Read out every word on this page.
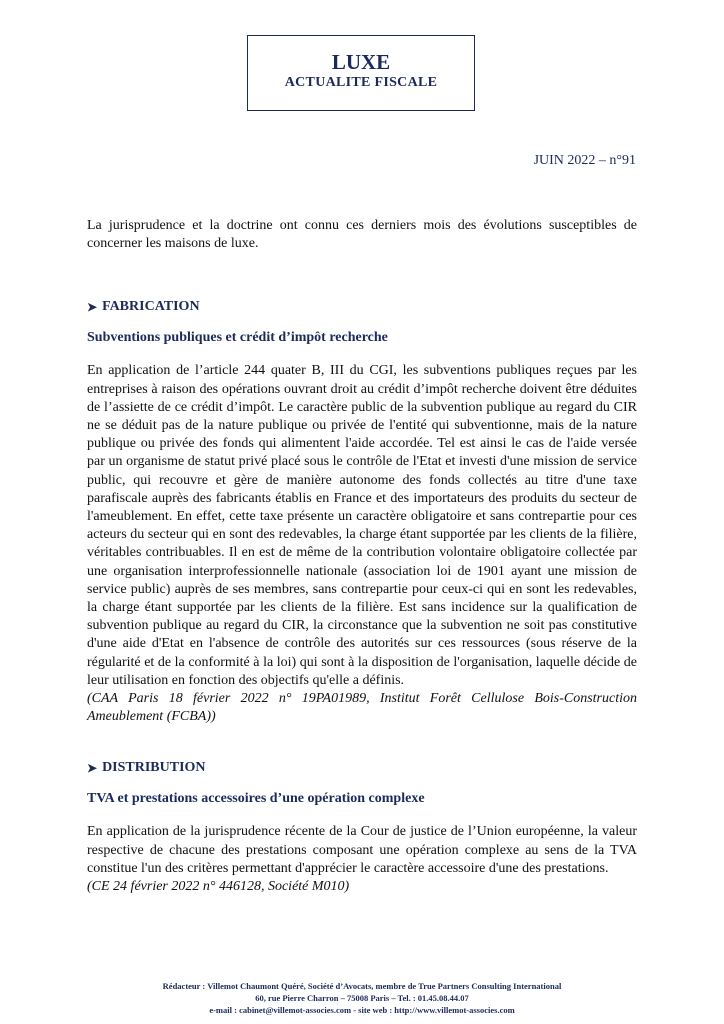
LUXE
ACTUALITE FISCALE
JUIN 2022 – n°91

La jurisprudence et la doctrine ont connu ces derniers mois des évolutions susceptibles de concerner les maisons de luxe.

➤ FABRICATION
Subventions publiques et crédit d’impôt recherche

En application de l’article 244 quater B, III du CGI, les subventions publiques reçues par les entreprises à raison des opérations ouvrant droit au crédit d’impôt recherche doivent être déduites de l’assiette de ce crédit d’impôt. Le caractère public de la subvention publique au regard du CIR ne se déduit pas de la nature publique ou privée de l'entité qui subventionne, mais de la nature publique ou privée des fonds qui alimentent l'aide accordée. Tel est ainsi le cas de l'aide versée par un organisme de statut privé placé sous le contrôle de l'Etat et investi d'une mission de service public, qui recouvre et gère de manière autonome des fonds collectés au titre d'une taxe parafiscale auprès des fabricants établis en France et des importateurs des produits du secteur de l'ameublement. En effet, cette taxe présente un caractère obligatoire et sans contrepartie pour ces acteurs du secteur qui en sont des redevables, la charge étant supportée par les clients de la filière, véritables contribuables. Il en est de même de la contribution volontaire obligatoire collectée par une organisation interprofessionnelle nationale (association loi de 1901 ayant une mission de service public) auprès de ses membres, sans contrepartie pour ceux-ci qui en sont les redevables, la charge étant supportée par les clients de la filière. Est sans incidence sur la qualification de subvention publique au regard du CIR, la circonstance que la subvention ne soit pas constitutive d'une aide d'Etat en l'absence de contrôle des autorités sur ces ressources (sous réserve de la régularité et de la conformité à la loi) qui sont à la disposition de l'organisation, laquelle décide de leur utilisation en fonction des objectifs qu'elle a définis.

(CAA Paris 18 février 2022 n° 19PA01989, Institut Forêt Cellulose Bois-Construction Ameublement (FCBA))

➤ DISTRIBUTION
TVA et prestations accessoires d’une opération complexe

En application de la jurisprudence récente de la Cour de justice de l’Union européenne, la valeur respective de chacune des prestations composant une opération complexe au sens de la TVA constitue l'un des critères permettant d'apprécier le caractère accessoire d'une des prestations.

(CE 24 février 2022 n° 446128, Société M010)

Rédacteur : Villemot Chaumont Quéré, Société d’Avocats, membre de True Partners Consulting International
60, rue Pierre Charron – 75008 Paris – Tel. : 01.45.08.44.07
e-mail : cabinet@villemot-associes.com - site web : http://www.villemot-associes.com
